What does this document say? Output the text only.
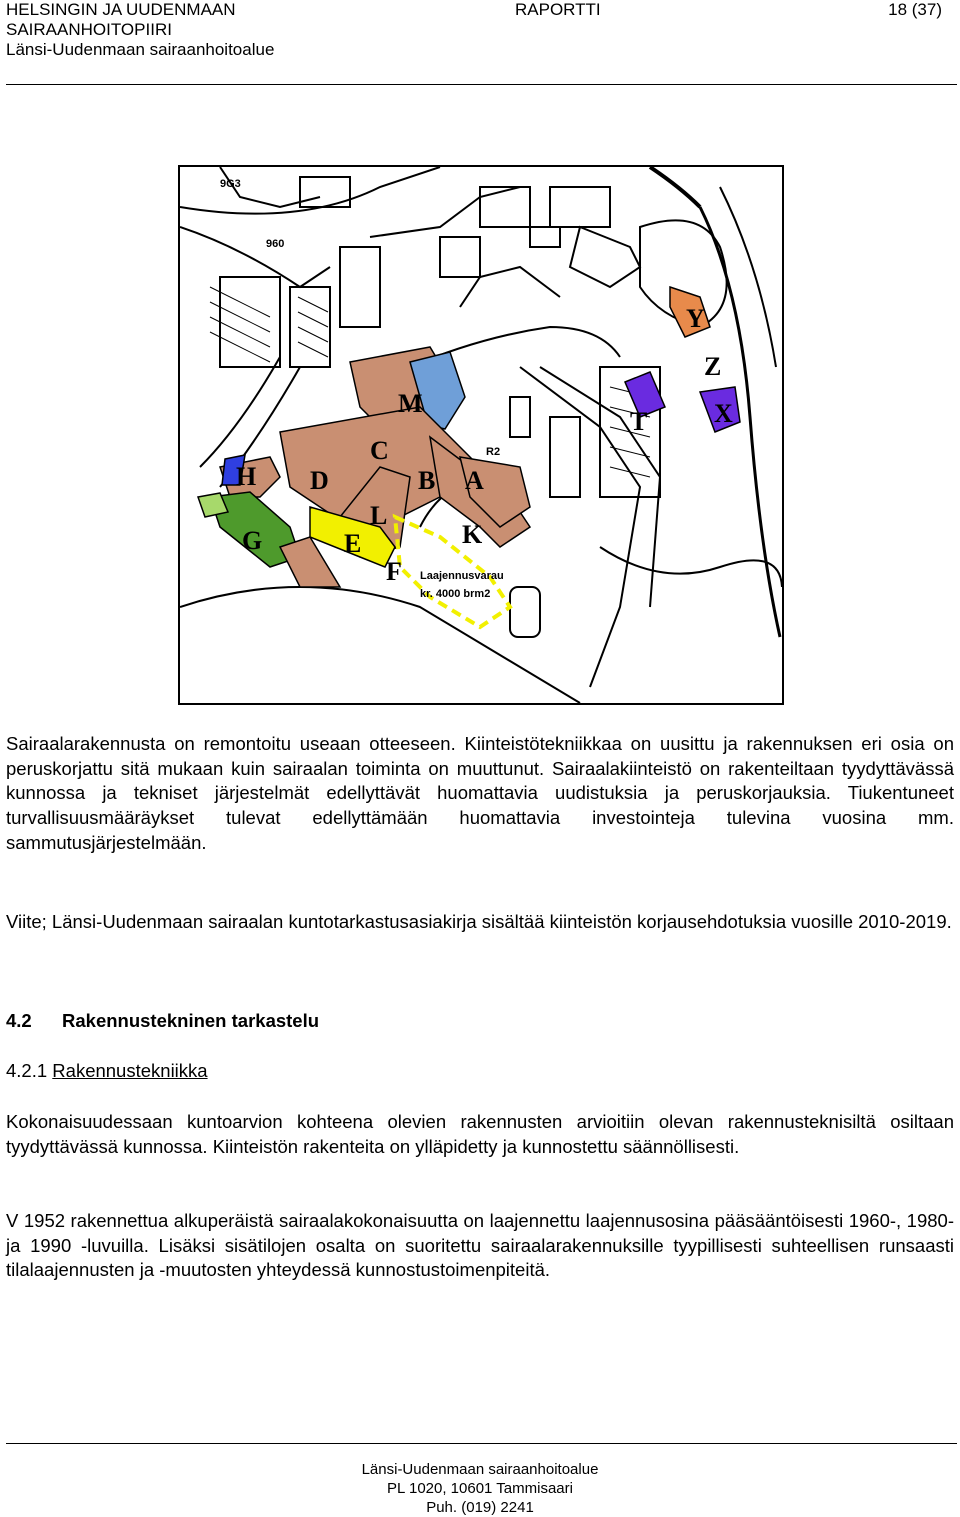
HELSINGIN JA UUDENMAAN
SAIRAANHOITOPIIRI
Länsi-Uudenmaan sairaanhoitoalue
RAPORTTI	18 (37)
M
C
H D	B A
L
G	E	K
F
T	X
Y
Z
Laajennusvarau
kr. 4000 brm2
R2
9G3
960

Sairaalarakennusta on remontoitu useaan otteeseen. Kiinteistötekniikkaa on uusittu ja rakennuksen eri osia on peruskorjattu sitä mukaan kuin sairaalan toiminta on muuttunut. Sairaalakiinteistö on rakenteiltaan tyydyttävässä kunnossa ja tekniset järjestelmät edellyttävät huomattavia uudistuksia ja peruskorjauksia. Tiukentuneet turvallisuusmääräykset tulevat edellyttämään huomattavia investointeja tulevina vuosina mm. sammutusjärjestelmään.

Viite; Länsi-Uudenmaan sairaalan kuntotarkastusasiakirja sisältää kiinteistön korjausehdotuksia vuosille 2010-2019.

4.2 Rakennustekninen tarkastelu
4.2.1 Rakennustekniikka

Kokonaisuudessaan kuntoarvion kohteena olevien rakennusten arvioitiin olevan rakennusteknisiltä osiltaan tyydyttävässä kunnossa. Kiinteistön rakenteita on ylläpidetty ja kunnostettu säännöllisesti.

V 1952 rakennettua alkuperäistä sairaalakokonaisuutta on laajennettu laajennusosina pääsääntöisesti 1960-, 1980- ja 1990 -luvuilla. Lisäksi sisätilojen osalta on suoritettu sairaalarakennuksille tyypillisesti suhteellisen runsaasti tilalaajennusten ja -muutosten yhteydessä kunnostustoimenpiteitä.

Länsi-Uudenmaan sairaanhoitoalue
PL 1020, 10601 Tammisaari
Puh. (019) 2241
